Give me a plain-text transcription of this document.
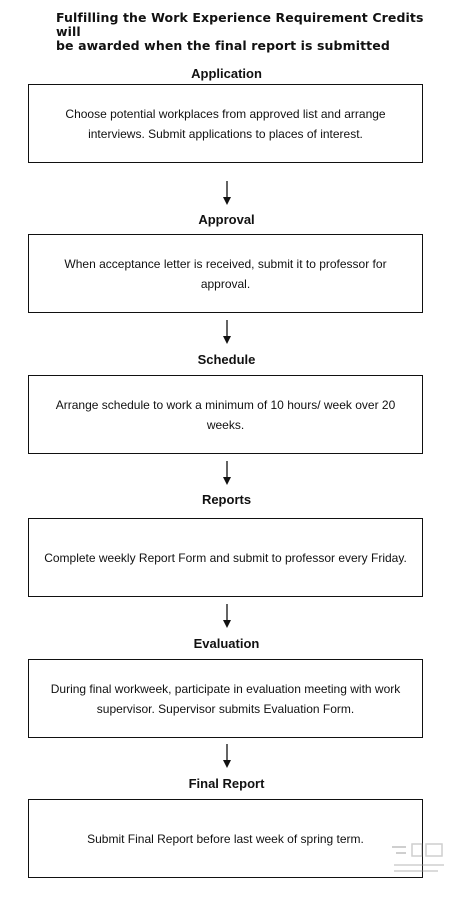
Fulfilling the Work Experience Requirement Credits will
be awarded when the final report is submitted
Application
Choose potential workplaces from approved list and arrange interviews. Submit applications to places of interest.
Approval
When acceptance letter is received, submit it to professor for approval.
Schedule
Arrange schedule to work a minimum of 10 hours/ week over 20 weeks.
Reports
Complete weekly Report Form and submit to professor every Friday.
Evaluation
During final workweek, participate in evaluation meeting with work supervisor. Supervisor submits Evaluation Form.
Final Report
Submit Final Report before last week of spring term.
